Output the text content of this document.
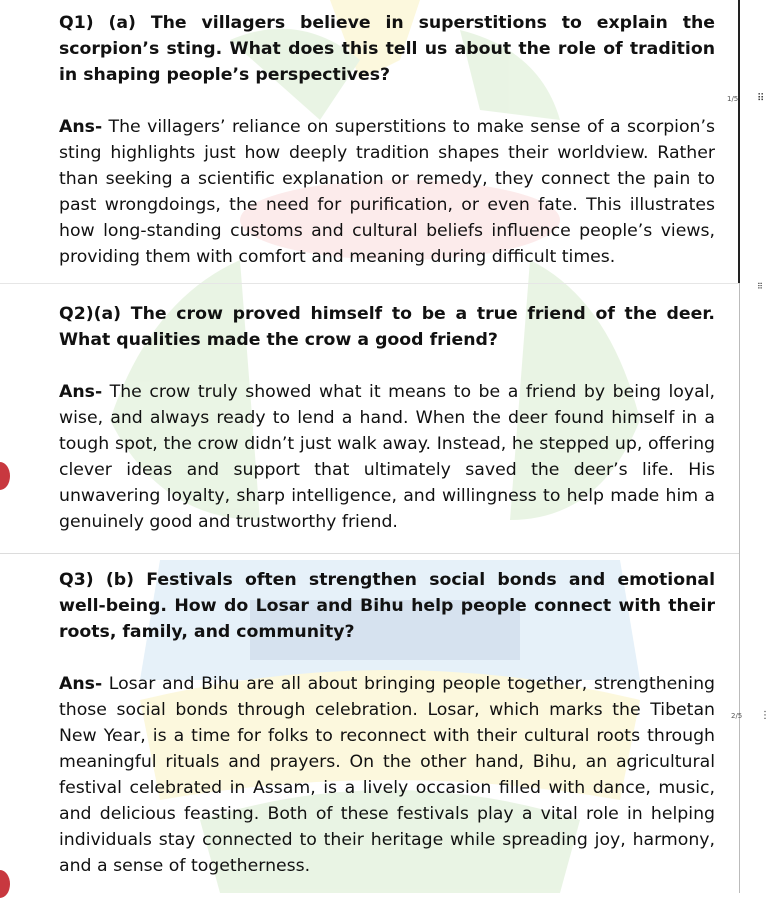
Q1) (a) The villagers believe in superstitions to explain the scorpion’s sting. What does this tell us about the role of tradition in shaping people’s perspectives?

Ans- The villagers’ reliance on superstitions to make sense of a scorpion’s sting highlights just how deeply tradition shapes their worldview. Rather than seeking a scientific explanation or remedy, they connect the pain to past wrongdoings, the need for purification, or even fate. This illustrates how long-standing customs and cultural beliefs influence people’s views, providing them with comfort and meaning during difficult times.

Q2)(a) The crow proved himself to be a true friend of the deer. What qualities made the crow a good friend?

Ans- The crow truly showed what it means to be a friend by being loyal, wise, and always ready to lend a hand. When the deer found himself in a tough spot, the crow didn’t just walk away. Instead, he stepped up, offering clever ideas and support that ultimately saved the deer’s life. His unwavering loyalty, sharp intelligence, and willingness to help made him a genuinely good and trustworthy friend.

Q3) (b) Festivals often strengthen social bonds and emotional well-being. How do Losar and Bihu help people connect with their roots, family, and community?

Ans- Losar and Bihu are all about bringing people together, strengthening those social bonds through celebration. Losar, which marks the Tibetan New Year, is a time for folks to reconnect with their cultural roots through meaningful rituals and prayers. On the other hand, Bihu, an agricultural festival celebrated in Assam, is a lively occasion filled with dance, music, and delicious feasting. Both of these festivals play a vital role in helping individuals stay connected to their heritage while spreading joy, harmony, and a sense of togetherness.

1/5 ⠿
⠿
2/5 ⋮
